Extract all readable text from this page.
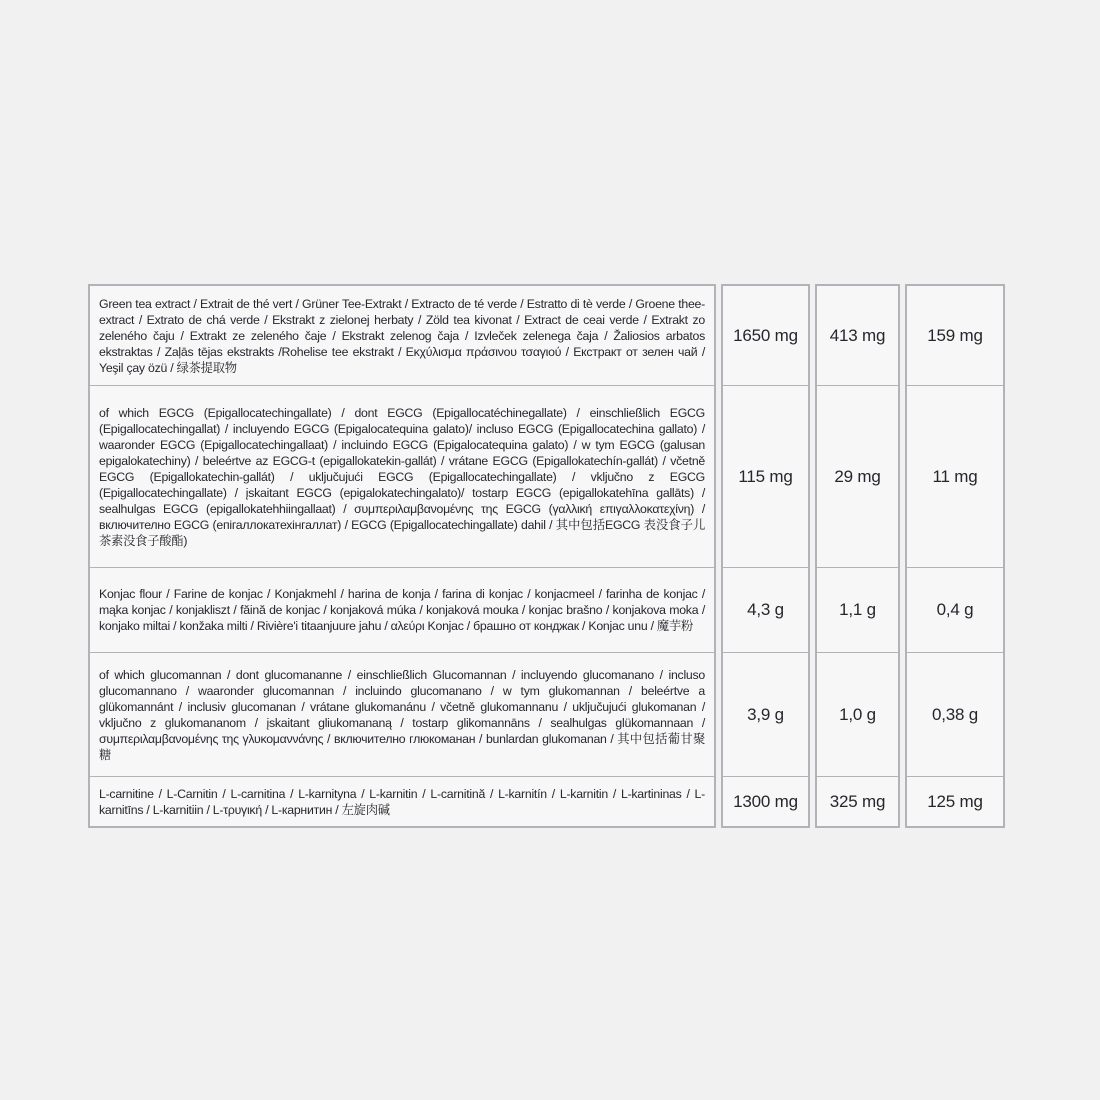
Green tea extract / Extrait de thé vert / Grüner Tee-Extrakt / Extracto de té verde / Estratto di tè verde / Groene thee-extract / Extrato de chá verde / Ekstrakt z zielonej herbaty / Zöld tea kivonat / Extract de ceai verde / Extrakt zo zeleného čaju / Extrakt ze zeleného čaje / Ekstrakt zelenog čaja / Izvleček zelenega čaja / Žaliosios arbatos ekstraktas / Zaļās tējas ekstrakts /Rohelise tee ekstrakt / Εκχύλισμα πράσινου τσαγιού / Екстракт от зелен чай / Yeşil çay özü / 绿茶提取物
of which EGCG (Epigallocatechingallate) / dont EGCG (Epigallocatéchinegallate) / einschließlich EGCG (Epigallocatechingallat) / incluyendo EGCG (Epigalocatequina galato)/ incluso EGCG (Epigallocatechina gallato) / waaronder EGCG (Epigallocatechingallaat) / incluindo EGCG (Epigalocatequina galato) / w tym EGCG (galusan epigalokatechiny) / beleértve az EGCG-t (epigallokatekin-gallát) / vrátane EGCG (Epigallokatechín-gallát) / včetně EGCG (Epigallokatechin-gallát) / uključujući EGCG (Epigallocatechingallate) / vključno z EGCG (Epigallocatechingallate) / įskaitant EGCG (epigalokatechingalato)/ tostarp EGCG (epigallokatehīna gallāts) / sealhulgas EGCG (epigallokatehhiingallaat) / συμπεριλαμβανομένης της EGCG (γαλλική επιγαλλοκατεχίνη) / включително EGCG (епігаллокатехінгаллат) / EGCG (Epigallocatechingallate) dahil / 其中包括EGCG 表没食子儿茶素没食子酸酯)
Konjac flour / Farine de konjac / Konjakmehl / harina de konja / farina di konjac / konjacmeel / farinha de konjac / mąka konjac / konjakliszt / făină de konjac / konjaková múka / konjaková mouka / konjac brašno / konjakova moka / konjako miltai / konžaka milti / Rivière'i titaanjuure jahu / αλεύρι Konjac / брашно от конджак / Konjac unu / 魔芋粉
of which glucomannan / dont glucomananne / einschließlich Glucomannan / incluyendo glucomanano / incluso glucomannano / waaronder glucomannan / incluindo glucomanano / w tym glukomannan / beleértve a glükomannánt / inclusiv glucomanan / vrátane glukomanánu / včetně glukomannanu / uključujući glukomanan / vključno z glukomananom / įskaitant gliukomananą / tostarp glikomannāns / sealhulgas glükomannaan / συμπεριλαμβανομένης της γλυκομαννάνης / включително глюкоманан / bunlardan glukomanan / 其中包括葡甘聚糖
L-carnitine / L-Carnitin / L-carnitina / L-karnityna / L-karnitin / L-carnitină / L-karnitín / L-karnitin / L-kartininas / L-karnitīns / L-karnitiin / L-τρυγική / L-карнитин / 左旋肉碱
1650 mg
115 mg
4,3 g
3,9 g
1300 mg
413 mg
29 mg
1,1 g
1,0 g
325 mg
159 mg
11 mg
0,4 g
0,38 g
125 mg
